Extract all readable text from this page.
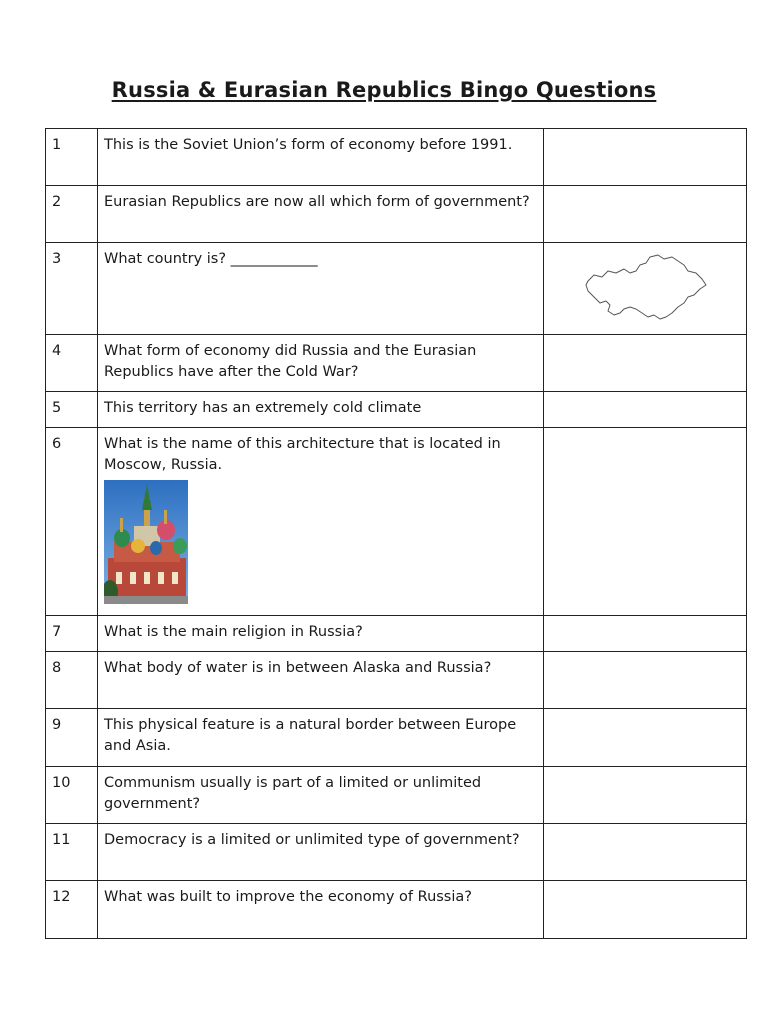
Russia & Eurasian Republics Bingo Questions
1	This is the Soviet Union’s form of economy before 1991.	
2	Eurasian Republics are now all which form of government?	
3	What country is? ____________	
4	What form of economy did Russia and the Eurasian Republics have after the Cold War?	
5	This territory has an extremely cold climate	
6	What is the name of this architecture that is located in Moscow, Russia.	

7	What is the main religion in Russia?	
8	What body of water is in between Alaska and Russia?	
9	This physical feature is a natural border between Europe and Asia.	
10	Communism usually is part of a limited or unlimited government?	
11	Democracy is a limited or unlimited type of government?	
12	What was built to improve the economy of Russia?	
